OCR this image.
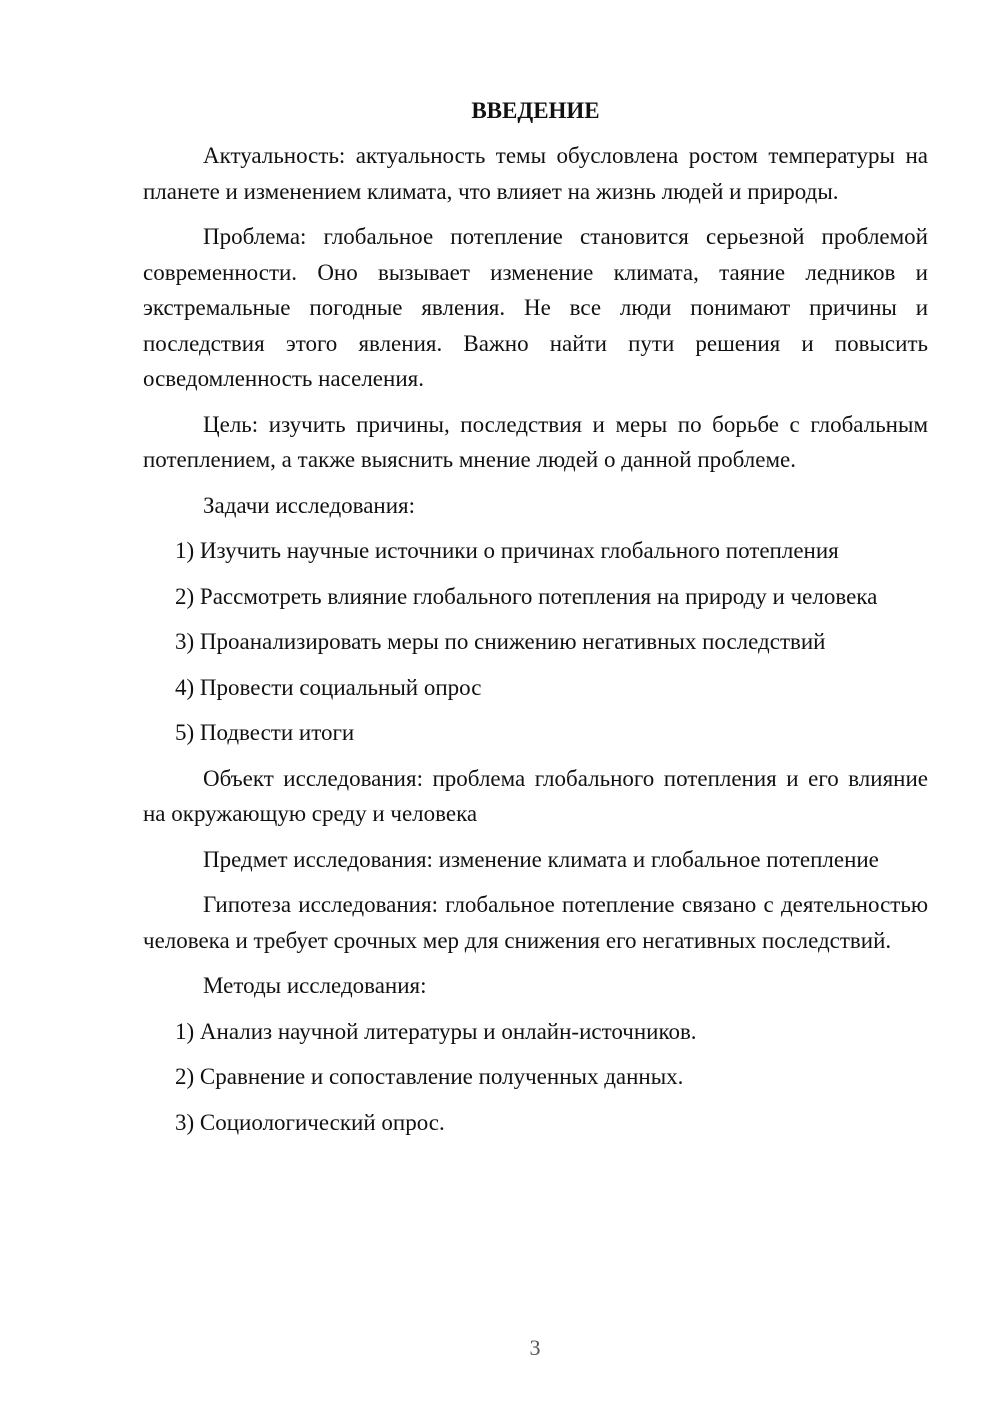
ВВЕДЕНИЕ

Актуальность: актуальность темы обусловлена ростом температуры на планете и изменением климата, что влияет на жизнь людей и природы.

Проблема: глобальное потепление становится серьезной проблемой современности. Оно вызывает изменение климата, таяние ледников и экстремальные погодные явления. Не все люди понимают причины и последствия этого явления. Важно найти пути решения и повысить осведомленность населения.

Цель: изучить причины, последствия и меры по борьбе с глобальным потеплением, а также выяснить мнение людей о данной проблеме.

Задачи исследования:

1) Изучить научные источники о причинах глобального потепления

2) Рассмотреть влияние глобального потепления на природу и человека

3) Проанализировать меры по снижению негативных последствий

4) Провести социальный опрос

5) Подвести итоги

Объект исследования: проблема глобального потепления и его влияние на окружающую среду и человека

Предмет исследования: изменение климата и глобальное потепление

Гипотеза исследования: глобальное потепление связано с деятельностью человека и требует срочных мер для снижения его негативных последствий.

Методы исследования:

1) Анализ научной литературы и онлайн-источников.

2) Сравнение и сопоставление полученных данных.

3) Социологический опрос.

3
